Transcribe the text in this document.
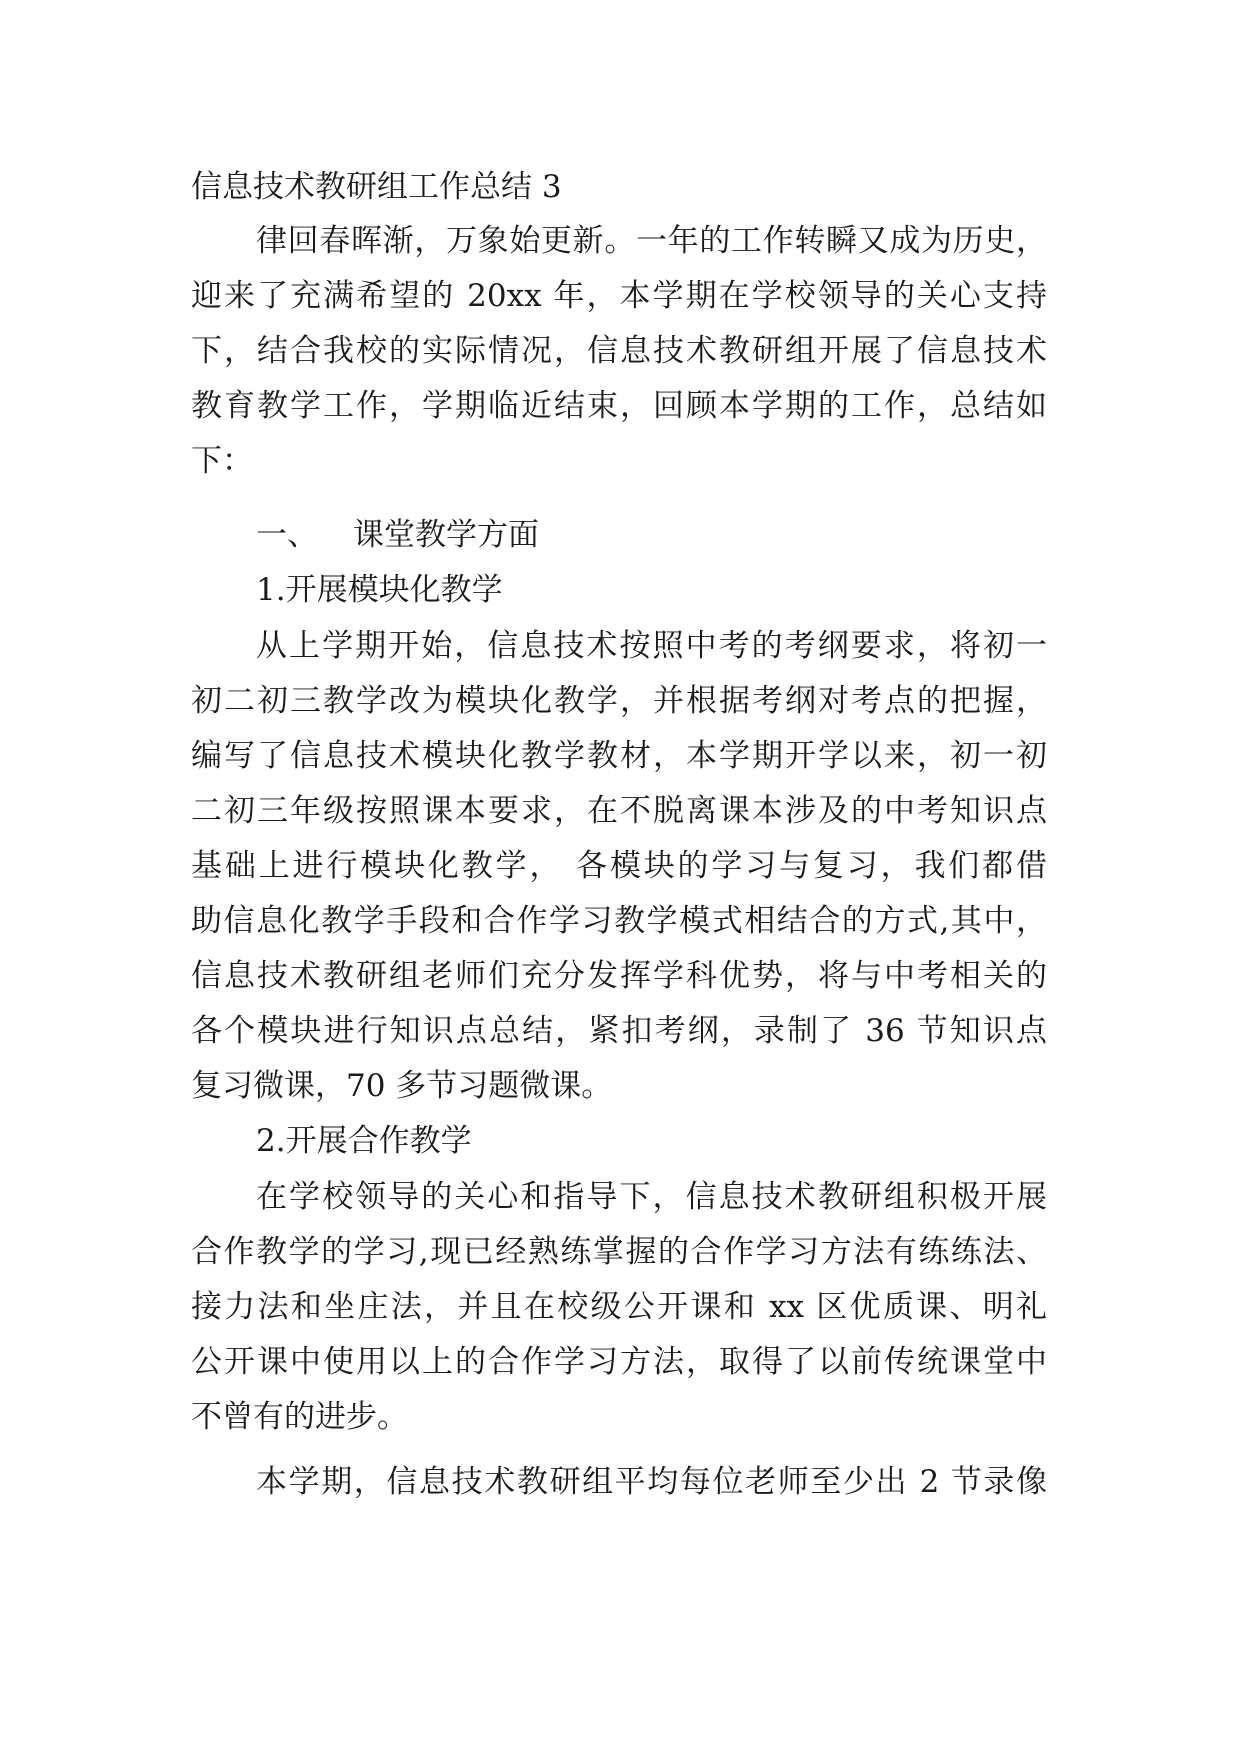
信息技术教研组工作总结 3
律回春晖渐，万象始更新。一年的工作转瞬又成为历史，
迎来了充满希望的 20xx 年，本学期在学校领导的关心支持
下，结合我校的实际情况，信息技术教研组开展了信息技术
教育教学工作，学期临近结束，回顾本学期的工作，总结如
下：
一、 课堂教学方面
1.开展模块化教学
从上学期开始，信息技术按照中考的考纲要求，将初一
初二初三教学改为模块化教学，并根据考纲对考点的把握，
编写了信息技术模块化教学教材，本学期开学以来，初一初
二初三年级按照课本要求，在不脱离课本涉及的中考知识点
基础上进行模块化教学， 各模块的学习与复习，我们都借
助信息化教学手段和合作学习教学模式相结合的方式,其中，
信息技术教研组老师们充分发挥学科优势，将与中考相关的
各个模块进行知识点总结，紧扣考纲，录制了 36 节知识点
复习微课，70 多节习题微课。
2.开展合作教学
在学校领导的关心和指导下，信息技术教研组积极开展
合作教学的学习,现已经熟练掌握的合作学习方法有练练法、
接力法和坐庄法，并且在校级公开课和 xx 区优质课、明礼
公开课中使用以上的合作学习方法，取得了以前传统课堂中
不曾有的进步。
本学期，信息技术教研组平均每位老师至少出 2 节录像
